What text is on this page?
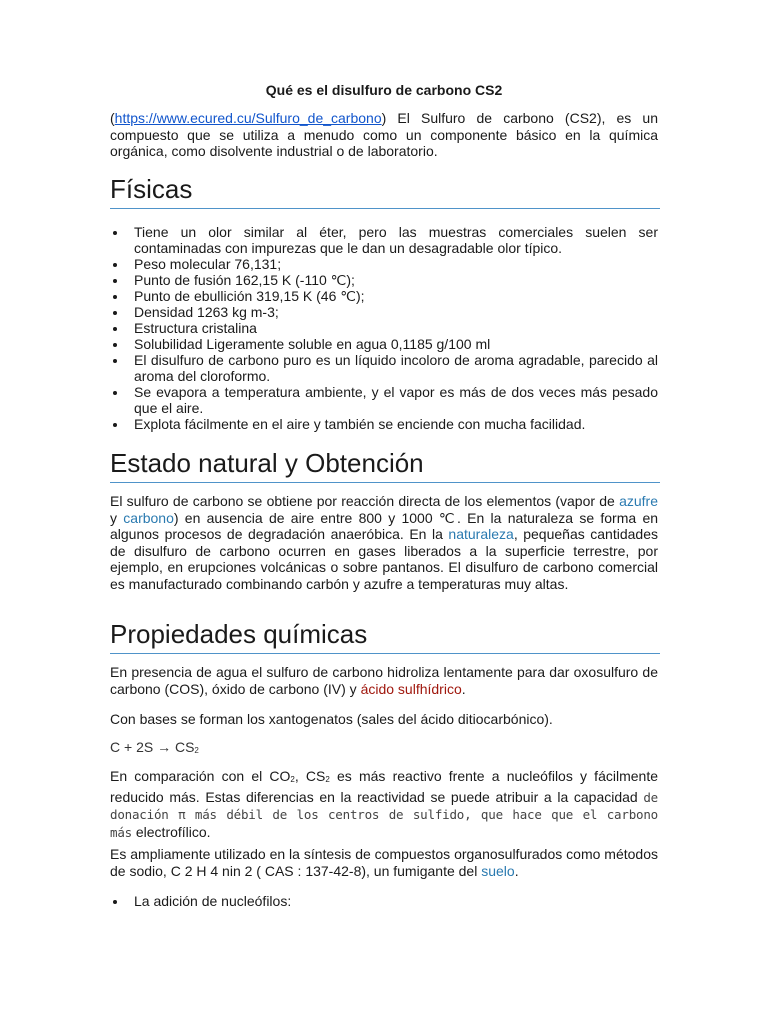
Qué es el disulfuro de carbono CS2

(https://www.ecured.cu/Sulfuro_de_carbono) El Sulfuro de carbono (CS2), es un compuesto que se utiliza a menudo como un componente básico en la química orgánica, como disolvente industrial o de laboratorio.

Físicas
Tiene un olor similar al éter, pero las muestras comerciales suelen ser contaminadas con impurezas que le dan un desagradable olor típico.
Peso molecular 76,131;
Punto de fusión 162,15 K (-110 ℃);
Punto de ebullición 319,15 K (46 ℃);
Densidad 1263 kg m-3;
Estructura cristalina
Solubilidad Ligeramente soluble en agua 0,1185 g/100 ml
El disulfuro de carbono puro es un líquido incoloro de aroma agradable, parecido al aroma del cloroformo.
Se evapora a temperatura ambiente, y el vapor es más de dos veces más pesado que el aire.
Explota fácilmente en el aire y también se enciende con mucha facilidad.
Estado natural y Obtención

El sulfuro de carbono se obtiene por reacción directa de los elementos (vapor de azufre y carbono) en ausencia de aire entre 800 y 1000 ℃. En la naturaleza se forma en algunos procesos de degradación anaeróbica. En la naturaleza, pequeñas cantidades de disulfuro de carbono ocurren en gases liberados a la superficie terrestre, por ejemplo, en erupciones volcánicas o sobre pantanos. El disulfuro de carbono comercial es manufacturado combinando carbón y azufre a temperaturas muy altas.

Propiedades químicas

En presencia de agua el sulfuro de carbono hidroliza lentamente para dar oxosulfuro de carbono (COS), óxido de carbono (IV) y ácido sulfhídrico.

Con bases se forman los xantogenatos (sales del ácido ditiocarbónico).

$C + 2S \to CS_2$

En comparación con el $CO_2$, $CS_2$ es más reactivo frente a nucleófilos y fácilmente reducido más. Estas diferencias en la reactividad se puede atribuir a la capacidad de donación π más débil de los centros de sulfido, que hace que el carbono más electrofílico.

Es ampliamente utilizado en la síntesis de compuestos organosulfurados como métodos de sodio, C 2 H 4 nin 2 ( CAS : 137-42-8), un fumigante del suelo.

La adición de nucleófilos:
